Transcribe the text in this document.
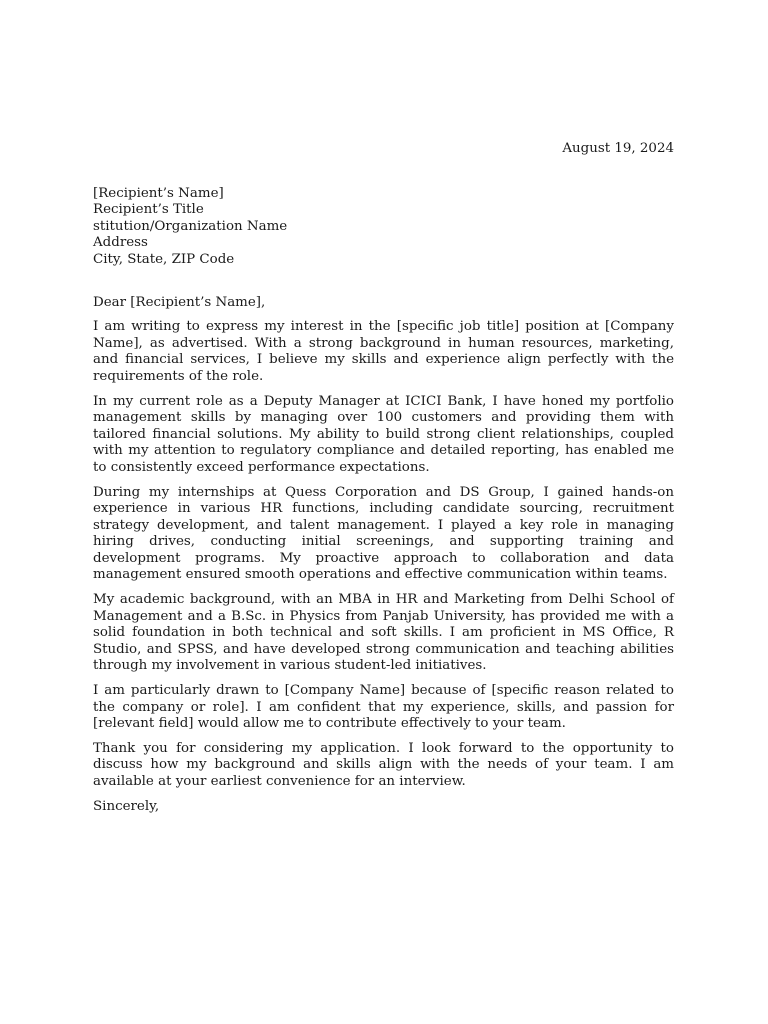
August 19, 2024

[Recipient’s Name]
Recipient’s Title
stitution/Organization Name
Address
City, State, ZIP Code

Dear [Recipient’s Name],

I am writing to express my interest in the [specific job title] position at [Company Name], as advertised. With a strong background in human resources, marketing, and financial services, I believe my skills and experience align perfectly with the requirements of the role.

In my current role as a Deputy Manager at ICICI Bank, I have honed my portfolio management skills by managing over 100 customers and providing them with tailored financial solutions. My ability to build strong client relationships, coupled with my attention to regulatory compliance and detailed reporting, has enabled me to consistently exceed performance expectations.

During my internships at Quess Corporation and DS Group, I gained hands-on experience in various HR functions, including candidate sourcing, recruitment strategy development, and talent management. I played a key role in managing hiring drives, conducting initial screenings, and supporting training and development programs. My proactive approach to collaboration and data management ensured smooth operations and effective communication within teams.

My academic background, with an MBA in HR and Marketing from Delhi School of Management and a B.Sc. in Physics from Panjab University, has provided me with a solid foundation in both technical and soft skills. I am proficient in MS Office, R Studio, and SPSS, and have developed strong communication and teaching abilities through my involvement in various student-led initiatives.

I am particularly drawn to [Company Name] because of [specific reason related to the company or role]. I am confident that my experience, skills, and passion for [relevant field] would allow me to contribute effectively to your team.

Thank you for considering my application. I look forward to the opportunity to discuss how my background and skills align with the needs of your team. I am available at your earliest convenience for an interview.

Sincerely,
